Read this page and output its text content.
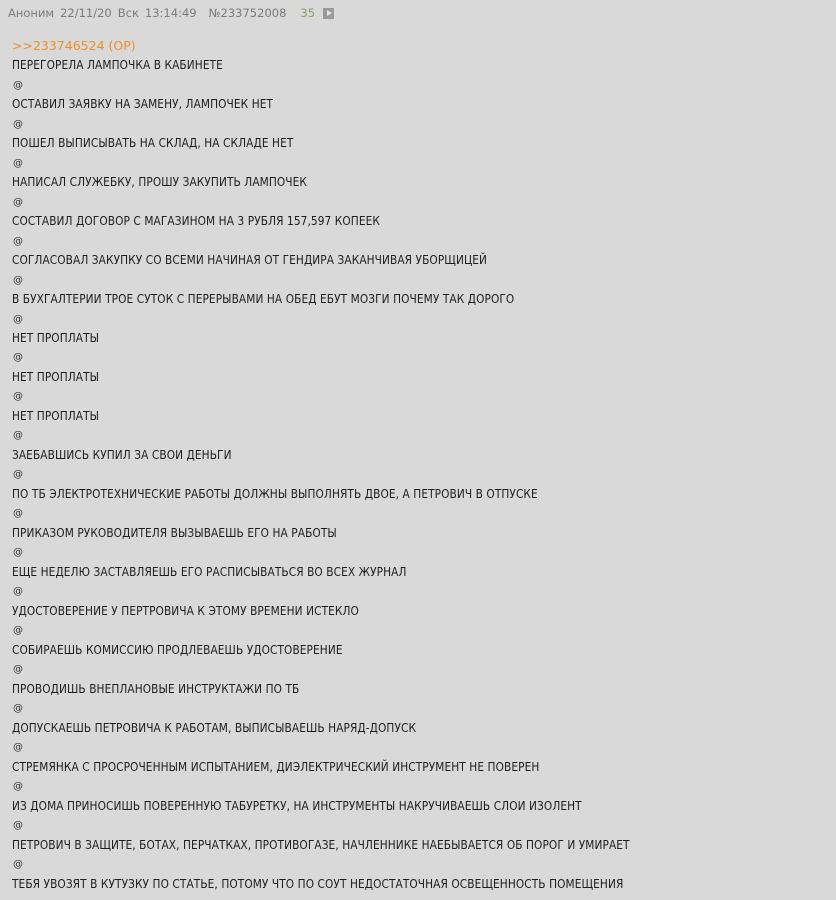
Аноним 22/11/20 Вск 13:14:49 №233752008 35
>>233746524 (OP)
ПЕРЕГОРЕЛА ЛАМПОЧКА В КАБИНЕТЕ
@
ОСТАВИЛ ЗАЯВКУ НА ЗАМЕНУ, ЛАМПОЧЕК НЕТ
@
ПОШЕЛ ВЫПИСЫВАТЬ НА СКЛАД, НА СКЛАДЕ НЕТ
@
НАПИСАЛ СЛУЖЕБКУ, ПРОШУ ЗАКУПИТЬ ЛАМПОЧЕК
@
СОСТАВИЛ ДОГОВОР С МАГАЗИНОМ НА 3 РУБЛЯ 157,597 КОПЕЕК
@
СОГЛАСОВАЛ ЗАКУПКУ СО ВСЕМИ НАЧИНАЯ ОТ ГЕНДИРА ЗАКАНЧИВАЯ УБОРЩИЦЕЙ
@
В БУХГАЛТЕРИИ ТРОЕ СУТОК С ПЕРЕРЫВАМИ НА ОБЕД ЕБУТ МОЗГИ ПОЧЕМУ ТАК ДОРОГО
@
НЕТ ПРОПЛАТЫ
@
НЕТ ПРОПЛАТЫ
@
НЕТ ПРОПЛАТЫ
@
ЗАЕБАВШИСЬ КУПИЛ ЗА СВОИ ДЕНЬГИ
@
ПО ТБ ЭЛЕКТРОТЕХНИЧЕСКИЕ РАБОТЫ ДОЛЖНЫ ВЫПОЛНЯТЬ ДВОЕ, А ПЕТРОВИЧ В ОТПУСКЕ
@
ПРИКАЗОМ РУКОВОДИТЕЛЯ ВЫЗЫВАЕШЬ ЕГО НА РАБОТЫ
@
ЕЩЕ НЕДЕЛЮ ЗАСТАВЛЯЕШЬ ЕГО РАСПИСЫВАТЬСЯ ВО ВСЕХ ЖУРНАЛ
@
УДОСТОВЕРЕНИЕ У ПЕРТРОВИЧА К ЭТОМУ ВРЕМЕНИ ИСТЕКЛО
@
СОБИРАЕШЬ КОМИССИЮ ПРОДЛЕВАЕШЬ УДОСТОВЕРЕНИЕ
@
ПРОВОДИШЬ ВНЕПЛАНОВЫЕ ИНСТРУКТАЖИ ПО ТБ
@
ДОПУСКАЕШЬ ПЕТРОВИЧА К РАБОТАМ, ВЫПИСЫВАЕШЬ НАРЯД-ДОПУСК
@
СТРЕМЯНКА С ПРОСРОЧЕННЫМ ИСПЫТАНИЕМ, ДИЭЛЕКТРИЧЕСКИЙ ИНСТРУМЕНТ НЕ ПОВЕРЕН
@
ИЗ ДОМА ПРИНОСИШЬ ПОВЕРЕННУЮ ТАБУРЕТКУ, НА ИНСТРУМЕНТЫ НАКРУЧИВАЕШЬ СЛОИ ИЗОЛЕНТ
@
ПЕТРОВИЧ В ЗАЩИТЕ, БОТАХ, ПЕРЧАТКАХ, ПРОТИВОГАЗЕ, НАЧЛЕННИКЕ НАЕБЫВАЕТСЯ ОБ ПОРОГ И УМИРАЕТ
@
ТЕБЯ УВОЗЯТ В КУТУЗКУ ПО СТАТЬЕ, ПОТОМУ ЧТО ПО СОУТ НЕДОСТАТОЧНАЯ ОСВЕЩЕННОСТЬ ПОМЕЩЕНИЯ
